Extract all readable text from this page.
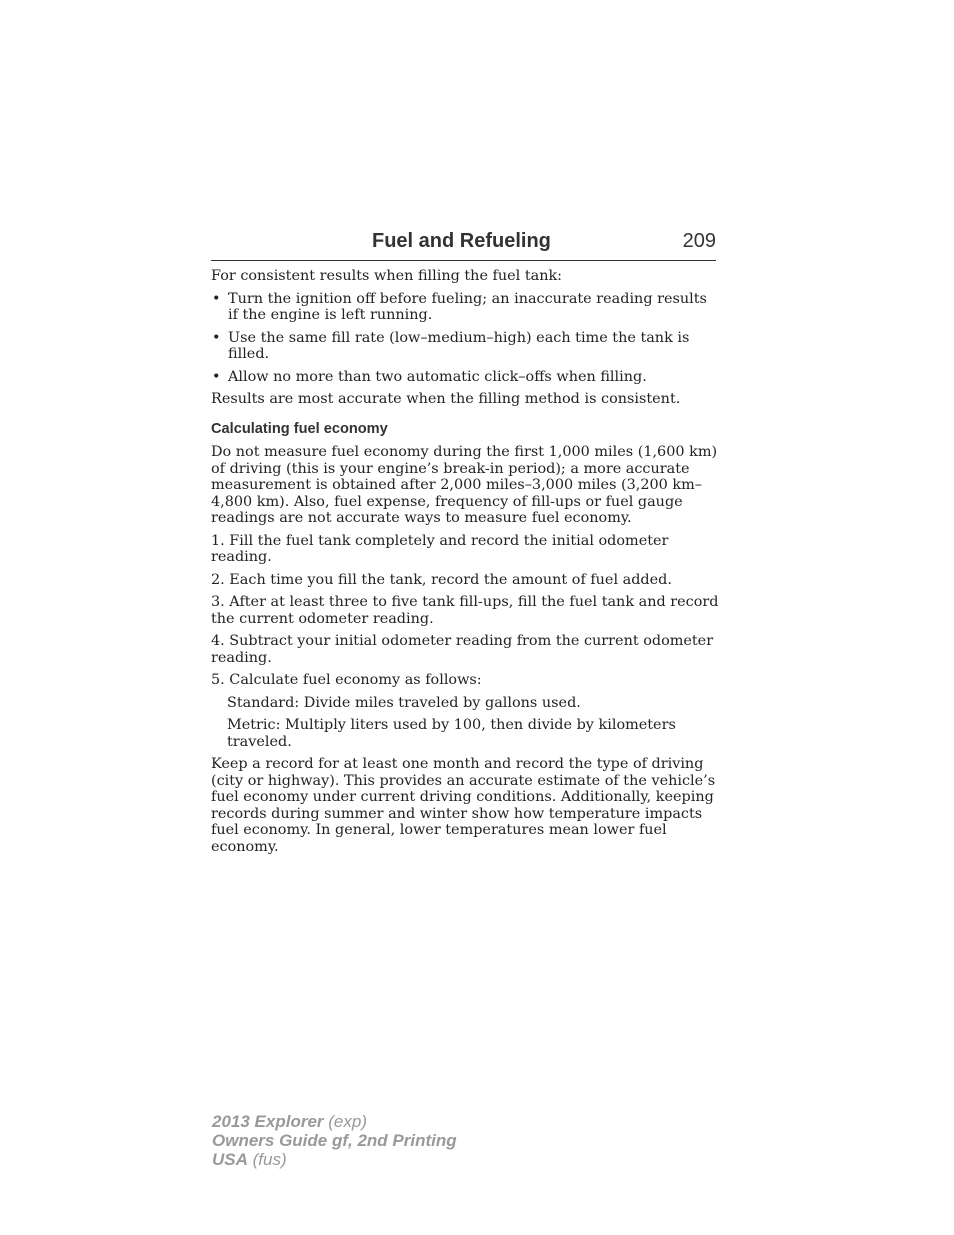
Fuel and Refueling	209

For consistent results when filling the fuel tank:

• Turn the ignition off before fueling; an inaccurate reading results if the engine is left running.
• Use the same fill rate (low–medium–high) each time the tank is filled.
• Allow no more than two automatic click–offs when filling.

Results are most accurate when the filling method is consistent.

Calculating fuel economy

Do not measure fuel economy during the first 1,000 miles (1,600 km) of driving (this is your engine’s break-in period); a more accurate measurement is obtained after 2,000 miles–3,000 miles (3,200 km–4,800 km). Also, fuel expense, frequency of fill-ups or fuel gauge readings are not accurate ways to measure fuel economy.

1. Fill the fuel tank completely and record the initial odometer reading.

2. Each time you fill the tank, record the amount of fuel added.

3. After at least three to five tank fill-ups, fill the fuel tank and record the current odometer reading.

4. Subtract your initial odometer reading from the current odometer reading.

5. Calculate fuel economy as follows:

Standard: Divide miles traveled by gallons used.

Metric: Multiply liters used by 100, then divide by kilometers traveled.

Keep a record for at least one month and record the type of driving (city or highway). This provides an accurate estimate of the vehicle’s fuel economy under current driving conditions. Additionally, keeping records during summer and winter show how temperature impacts fuel economy. In general, lower temperatures mean lower fuel economy.

2013 Explorer (exp)
Owners Guide gf, 2nd Printing
USA (fus)
